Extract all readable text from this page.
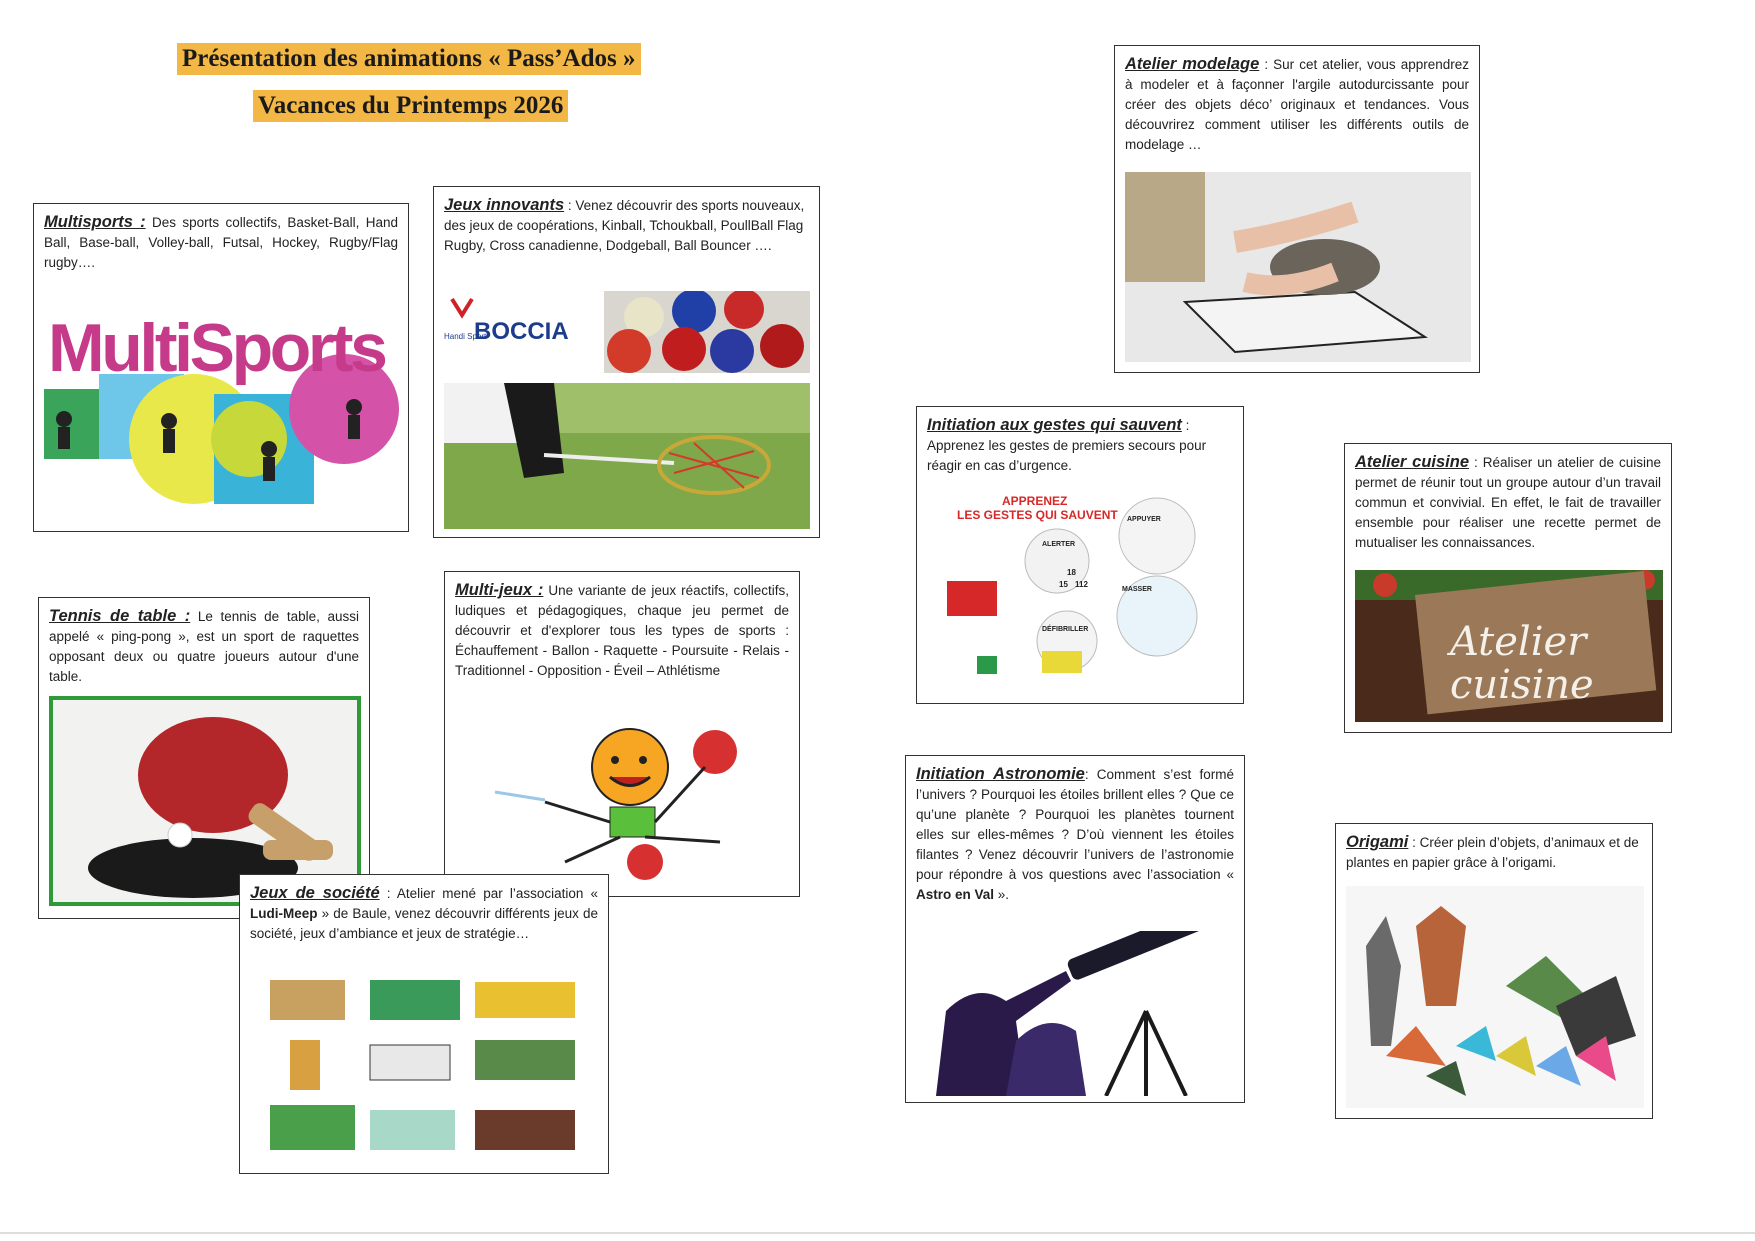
Présentation des animations « Pass’Ados »
Vacances du Printemps 2026
Multisports : Des sports collectifs, Basket-Ball, Hand Ball, Base-ball, Volley-ball, Futsal, Hockey, Rugby/Flag rugby….
MultiSports
Jeux innovants : Venez découvrir des sports nouveaux, des jeux de coopérations, Kinball, Tchoukball, PoullBall Flag Rugby, Cross canadienne, Dodgeball, Ball Bouncer ….
Handi Sport
BOCCIA
Tennis de table : Le tennis de table, aussi appelé « ping-pong », est un sport de raquettes opposant deux ou quatre joueurs autour d'une table.
Multi-jeux : Une variante de jeux réactifs, collectifs, ludiques et pédagogiques, chaque jeu permet de découvrir et d'explorer tous les types de sports : Échauffement - Ballon - Raquette - Poursuite - Relais - Traditionnel - Opposition - Éveil – Athlétisme
Jeux de société : Atelier mené par l’association « Ludi-Meep » de Baule, venez découvrir différents jeux de société, jeux d’ambiance et jeux de stratégie…
Atelier modelage : Sur cet atelier, vous apprendrez à modeler et à façonner l'argile autodurcissante pour créer des objets déco’ originaux et tendances. Vous découvrirez comment utiliser les différents outils de modelage …
Initiation aux gestes qui sauvent : Apprenez les gestes de premiers secours pour réagir en cas d’urgence.
APPRENEZ
LES GESTES QUI SAUVENT
ALERTER
APPUYER
MASSER
DÉFIBRILLER
18
15 112
Atelier cuisine : Réaliser un atelier de cuisine permet de réunir tout un groupe autour d’un travail commun et convivial. En effet, le fait de travailler ensemble pour réaliser une recette permet de mutualiser les connaissances.
Atelier
cuisine
Initiation Astronomie: Comment s’est formé l’univers ? Pourquoi les étoiles brillent elles ? Que ce qu’une planète ? Pourquoi les planètes tournent elles sur elles-mêmes ? D’où viennent les étoiles filantes ? Venez découvrir l’univers de l’astronomie pour répondre à vos questions avec l’association « Astro en Val ».
Origami : Créer plein d’objets, d’animaux et de plantes en papier grâce à l’origami.
